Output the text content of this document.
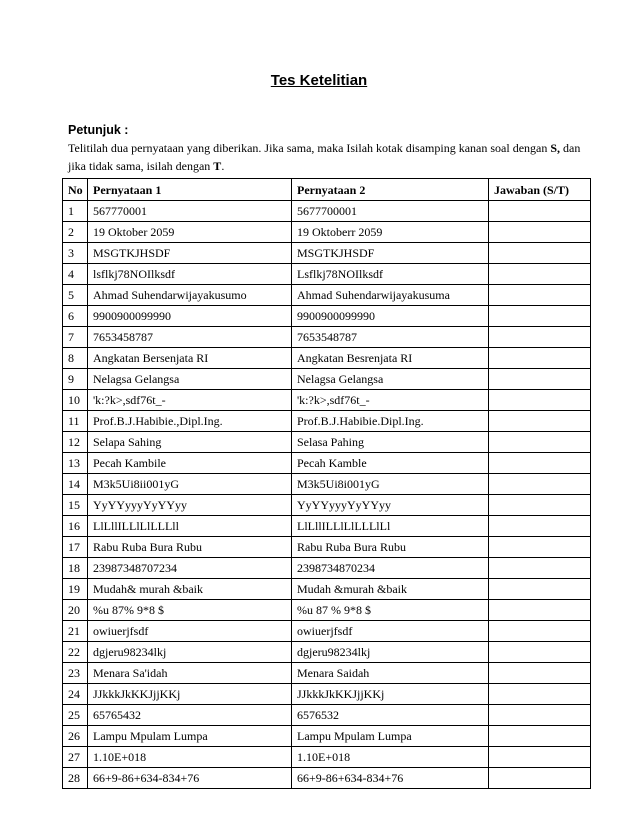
Tes Ketelitian
Petunjuk :

Telitilah dua pernyataan yang diberikan. Jika sama, maka Isilah kotak disamping kanan soal dengan S, dan jika tidak sama, isilah dengan T.

No	Pernyataan 1	Pernyataan 2	Jawaban (S/T)
1	567770001	5677700001	
2	19 Oktober 2059	19 Oktoberr 2059	
3	MSGTKJHSDF	MSGTKJHSDF	
4	lsflkj78NOIlksdf	Lsflkj78NOIlksdf	
5	Ahmad Suhendarwijayakusumo	Ahmad Suhendarwijayakusuma	
6	9900900099990	9900900099990	
7	7653458787	7653548787	
8	Angkatan Bersenjata RI	Angkatan Besrenjata RI	
9	Nelagsa Gelangsa	Nelagsa Gelangsa	
10	'k:?k>,sdf76t_-	'k:?k>,sdf76t_-	
11	Prof.B.J.Habibie.,Dipl.Ing.	Prof.B.J.Habibie.Dipl.Ing.	
12	Selapa Sahing	Selasa Pahing	
13	Pecah Kambile	Pecah Kamble	
14	M3k5Ui8ii001yG	M3k5Ui8i001yG	
15	YyYYyyyYyYYyy	YyYYyyyYyYYyy	
16	LlLllILLlLlLLLll	LlLllILLlLlLLLlLl	
17	Rabu Ruba Bura Rubu	Rabu Ruba Bura Rubu	
18	23987348707234	2398734870234	
19	Mudah& murah &baik	Mudah &murah &baik	
20	%u 87% 9*8 $	%u 87 % 9*8 $	
21	owiuerjfsdf	owiuerjfsdf	
22	dgjeru98234lkj	dgjeru98234lkj	
23	Menara Sa'idah	Menara Saidah	
24	JJkkkJkKKJjjKKj	JJkkkJkKKJjjKKj	
25	65765432	6576532	
26	Lampu Mpulam Lumpa	Lampu Mpulam Lumpa	
27	1.10E+018	1.10E+018	
28	66+9-86+634-834+76	66+9-86+634-834+76	
